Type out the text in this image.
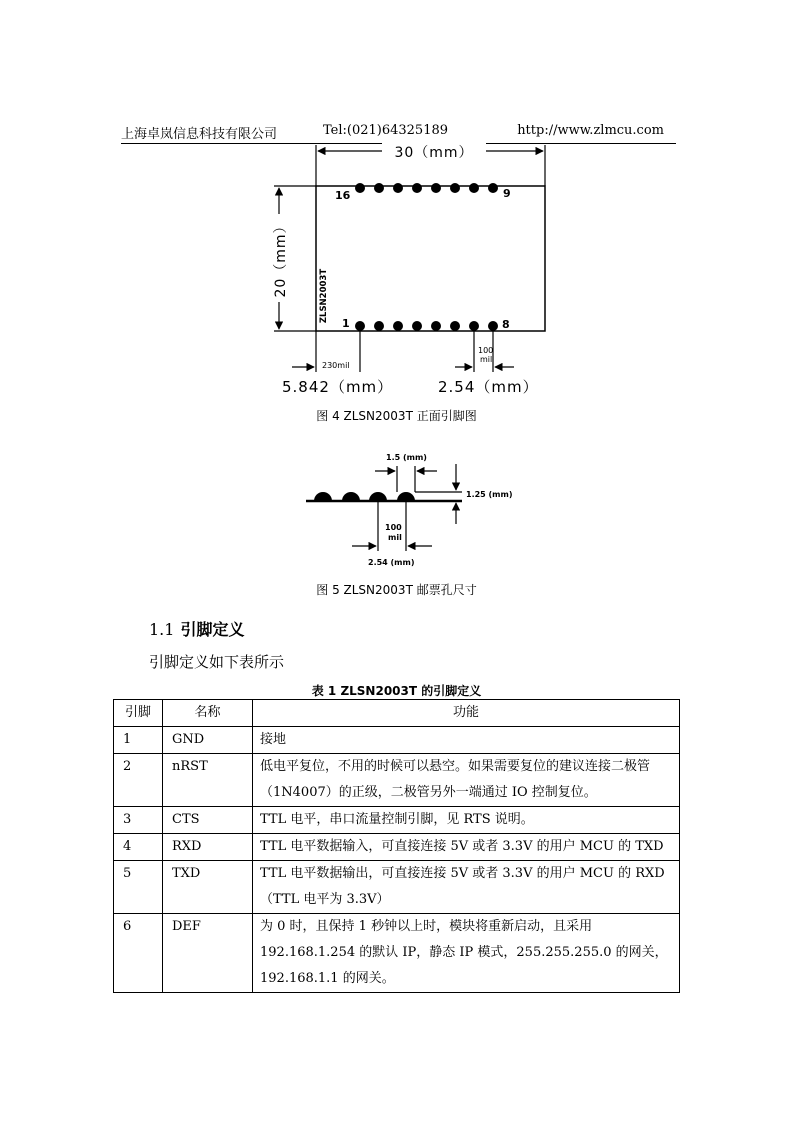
上海卓岚信息科技有限公司	Tel:(021)64325189	http://www.zlmcu.com
30（mm）
20（mm）	ZLSN2003T
16	9
1	8
230mil
100
mil
5.842（mm）	2.54（mm）
图 4 ZLSN2003T 正面引脚图
1.5 (mm)
1.25 (mm)
100
mil
2.54 (mm)
图 5 ZLSN2003T 邮票孔尺寸
1.1 引脚定义
引脚定义如下表所示
表 1 ZLSN2003T 的引脚定义
引脚	名称	功能
1	GND	接地
2	nRST	低电平复位，不用的时候可以悬空。如果需要复位的建议连接二极管（1N4007）的正级，二极管另外一端通过 IO 控制复位。
3	CTS	TTL 电平，串口流量控制引脚，见 RTS 说明。
4	RXD	TTL 电平数据输入，可直接连接 5V 或者 3.3V 的用户 MCU 的 TXD
5	TXD	TTL 电平数据输出，可直接连接 5V 或者 3.3V 的用户 MCU 的 RXD（TTL 电平为 3.3V）
6	DEF	为 0 时，且保持 1 秒钟以上时，模块将重新启动，且采用 192.168.1.254 的默认 IP，静态 IP 模式，255.255.255.0 的网关，192.168.1.1 的网关。
